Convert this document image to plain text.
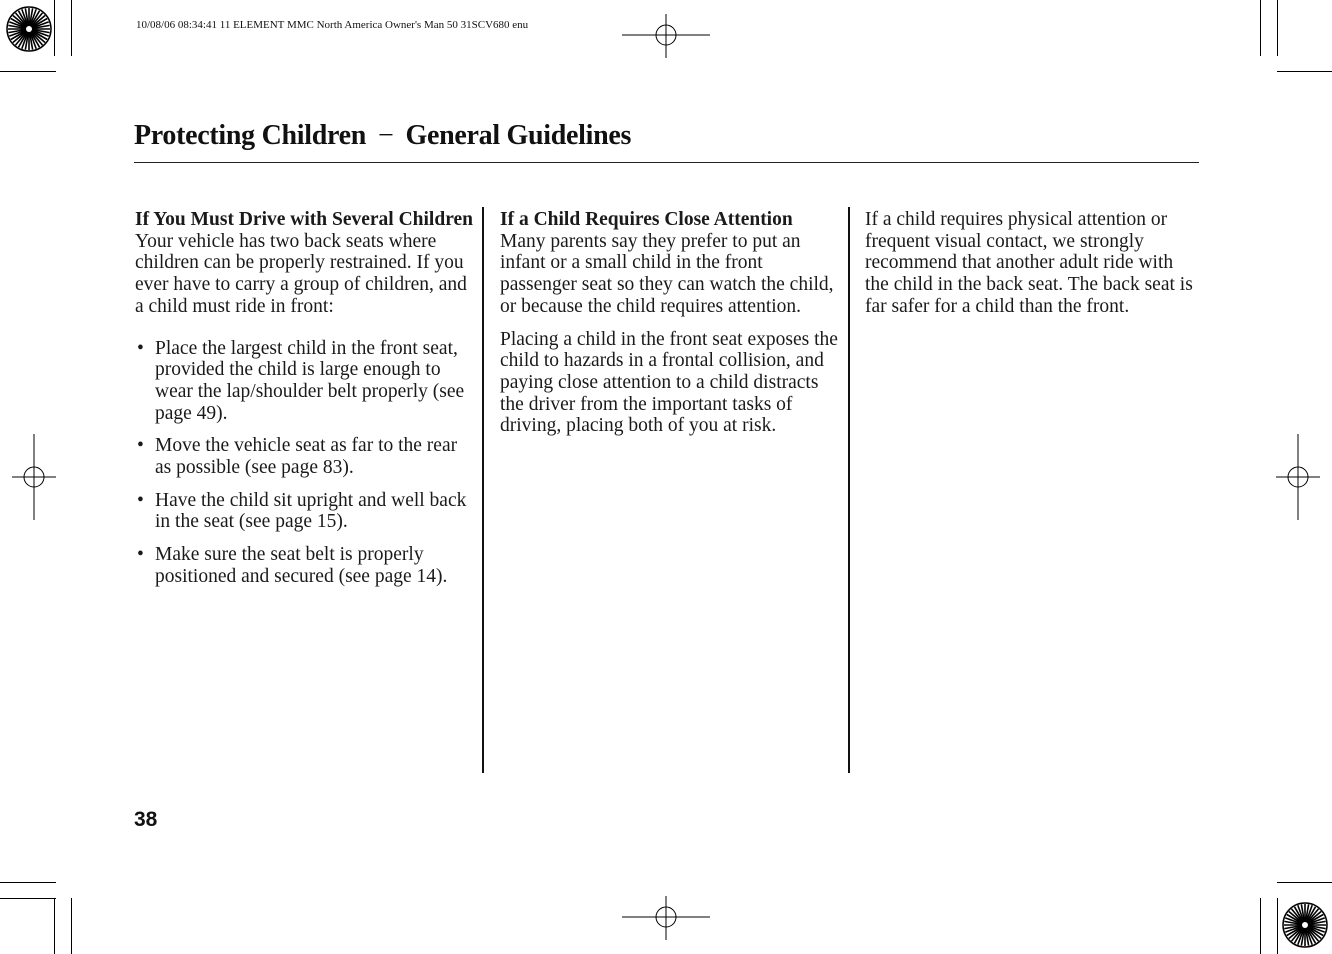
10/08/06 08:34:41 11 ELEMENT MMC North America Owner's Man 50 31SCV680 enu
Protecting Children − General Guidelines

If You Must Drive with Several Children

Your vehicle has two back seats where children can be properly restrained. If you ever have to carry a group of children, and a child must ride in front:

• Place the largest child in the front seat, provided the child is large enough to wear the lap/shoulder belt properly (see page 49).
• Move the vehicle seat as far to the rear as possible (see page 83).
• Have the child sit upright and well back in the seat (see page 15).
• Make sure the seat belt is properly positioned and secured (see page 14).

If a Child Requires Close Attention

Many parents say they prefer to put an infant or a small child in the front passenger seat so they can watch the child, or because the child requires attention.

Placing a child in the front seat exposes the child to hazards in a frontal collision, and paying close attention to a child distracts the driver from the important tasks of driving, placing both of you at risk.

If a child requires physical attention or frequent visual contact, we strongly recommend that another adult ride with the child in the back seat. The back seat is far safer for a child than the front.

38
